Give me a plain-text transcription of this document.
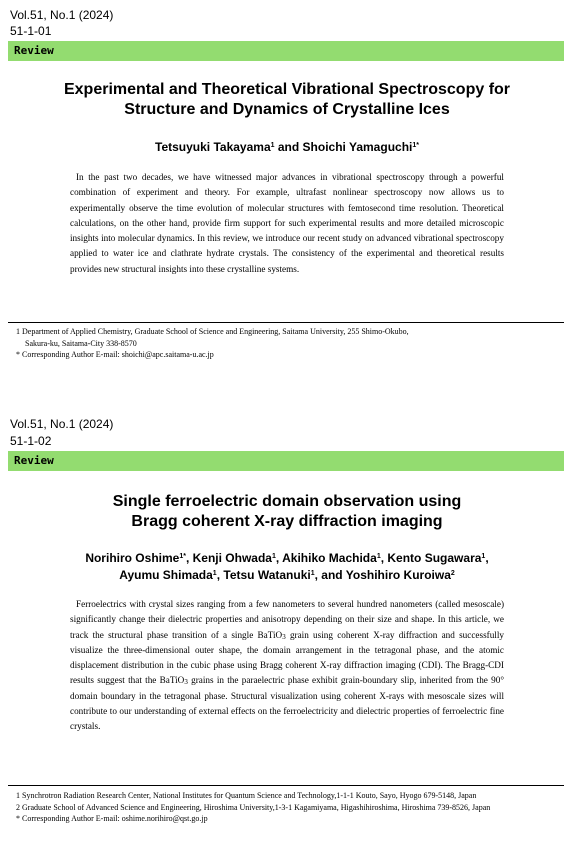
Vol.51, No.1 (2024)
51-1-01
Review
Experimental and Theoretical Vibrational Spectroscopy for
Structure and Dynamics of Crystalline Ices
Tetsuyuki Takayama$^1$ and Shoichi Yamaguchi$^{1*}$

In the past two decades, we have witnessed major advances in vibrational spectroscopy through a powerful combination of experiment and theory. For example, ultrafast nonlinear spectroscopy now allows us to experimentally observe the time evolution of molecular structures with femtosecond time resolution. Theoretical calculations, on the other hand, provide firm support for such experimental results and more detailed microscopic insights into molecular dynamics. In this review, we introduce our recent study on advanced vibrational spectroscopy applied to water ice and clathrate hydrate crystals. The consistency of the experimental and theoretical results provides new structural insights into these crystalline systems.

1 Department of Applied Chemistry, Graduate School of Science and Engineering, Saitama University, 255 Shimo-Okubo,
Sakura-ku, Saitama-City 338-8570
* Corresponding Author E-mail: shoichi@apc.saitama-u.ac.jp
Vol.51, No.1 (2024)
51-1-02
Review
Single ferroelectric domain observation using
Bragg coherent X-ray diffraction imaging
Norihiro Oshime$^{1*}$, Kenji Ohwada$^1$, Akihiko Machida$^1$, Kento Sugawara$^1$,
Ayumu Shimada$^1$, Tetsu Watanuki$^1$, and Yoshihiro Kuroiwa$^2$

Ferroelectrics with crystal sizes ranging from a few nanometers to several hundred nanometers (called mesoscale) significantly change their dielectric properties and anisotropy depending on their size and shape. In this article, we track the structural phase transition of a single BaTiO$_3$ grain using coherent X-ray diffraction and successfully visualize the three-dimensional outer shape, the domain arrangement in the tetragonal phase, and the atomic displacement distribution in the cubic phase using Bragg coherent X-ray diffraction imaging (CDI). The Bragg-CDI results suggest that the BaTiO$_3$ grains in the paraelectric phase exhibit grain-boundary slip, inherited from the 90° domain boundary in the tetragonal phase. Structural visualization using coherent X-rays with mesoscale sizes will contribute to our understanding of external effects on the ferroelectricity and dielectric properties of ferroelectric fine crystals.

1 Synchrotron Radiation Research Center, National Institutes for Quantum Science and Technology,1-1-1 Kouto, Sayo, Hyogo 679-5148, Japan
2 Graduate School of Advanced Science and Engineering, Hiroshima University,1-3-1 Kagamiyama, Higashihiroshima, Hiroshima 739-8526, Japan
* Corresponding Author E-mail: oshime.norihiro@qst.go.jp
